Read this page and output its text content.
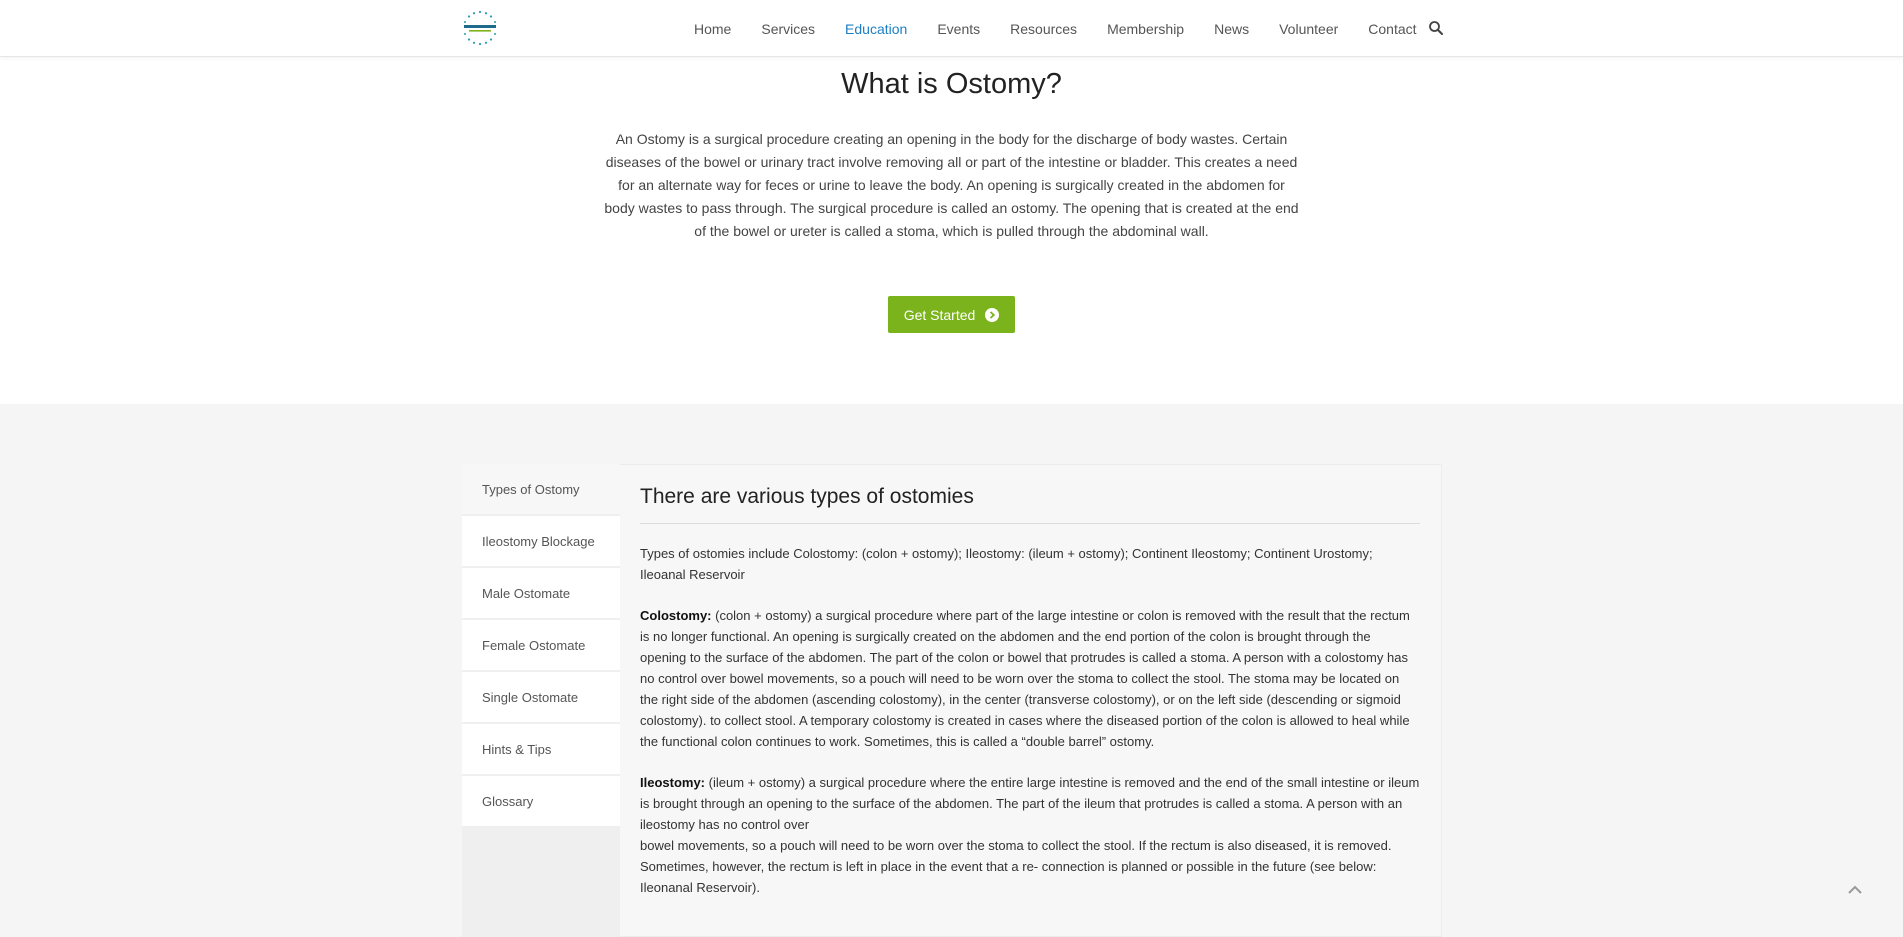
Home Services Education Events Resources Membership News Volunteer Contact
What is Ostomy?

An Ostomy is a surgical procedure creating an opening in the body for the discharge of body wastes. Certain diseases of the bowel or urinary tract involve removing all or part of the intestine or bladder. This creates a need for an alternate way for feces or urine to leave the body. An opening is surgically created in the abdomen for body wastes to pass through. The surgical procedure is called an ostomy. The opening that is created at the end of the bowel or ureter is called a stoma, which is pulled through the abdominal wall.

Get Started
Types of Ostomy
Ileostomy Blockage
Male Ostomate
Female Ostomate
Single Ostomate
Hints & Tips
Glossary
There are various types of ostomies

Types of ostomies include Colostomy: (colon + ostomy); Ileostomy: (ileum + ostomy); Continent Ileostomy; Continent Urostomy; Ileoanal Reservoir

Colostomy: (colon + ostomy) a surgical procedure where part of the large intestine or colon is removed with the result that the rectum is no longer functional. An opening is surgically created on the abdomen and the end portion of the colon is brought through the opening to the surface of the abdomen. The part of the colon or bowel that protrudes is called a stoma. A person with a colostomy has no control over bowel movements, so a pouch will need to be worn over the stoma to collect the stool. The stoma may be located on the right side of the abdomen (ascending colostomy), in the center (transverse colostomy), or on the left side (descending or sigmoid colostomy). to collect stool. A temporary colostomy is created in cases where the diseased portion of the colon is allowed to heal while the functional colon continues to work. Sometimes, this is called a “double barrel” ostomy.

Ileostomy: (ileum + ostomy) a surgical procedure where the entire large intestine is removed and the end of the small intestine or ileum is brought through an opening to the surface of the abdomen. The part of the ileum that protrudes is called a stoma. A person with an ileostomy has no control over
bowel movements, so a pouch will need to be worn over the stoma to collect the stool. If the rectum is also diseased, it is removed. Sometimes, however, the rectum is left in place in the event that a re- connection is planned or possible in the future (see below: Ileonanal Reservoir).
